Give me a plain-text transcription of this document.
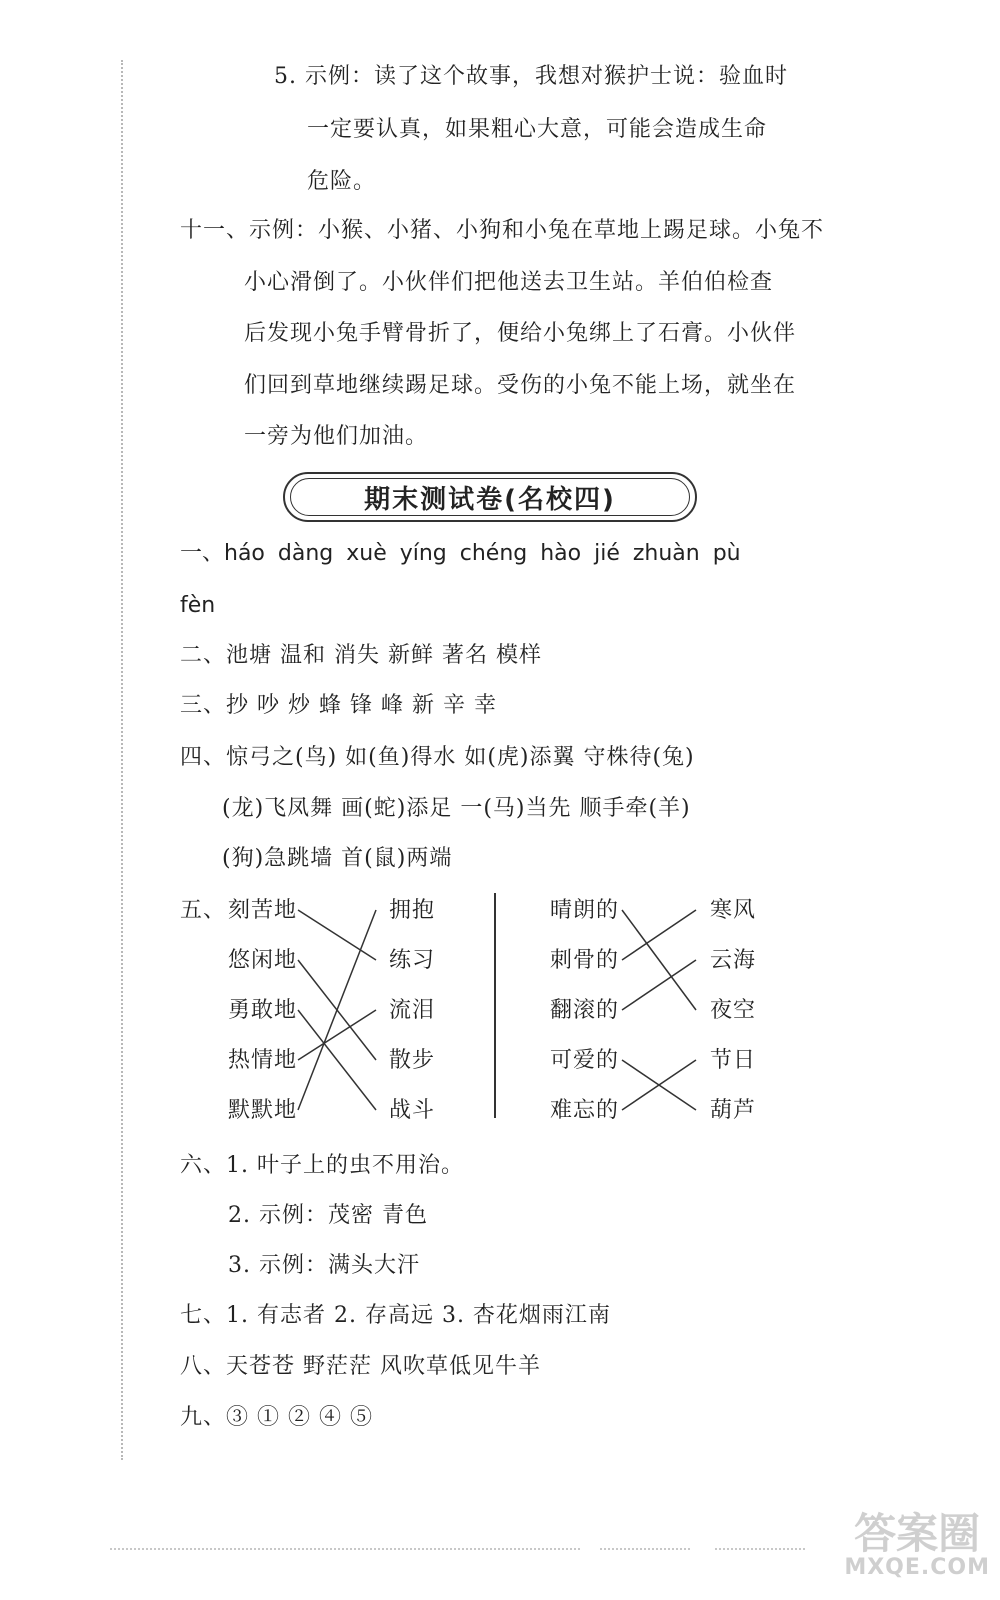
5. 示例：读了这个故事，我想对猴护士说：验血时
一定要认真，如果粗心大意，可能会造成生命
危险。
十一、示例：小猴、小猪、小狗和小兔在草地上踢足球。小兔不
小心滑倒了。小伙伴们把他送去卫生站。羊伯伯检查
后发现小兔手臂骨折了，便给小兔绑上了石膏。小伙伴
们回到草地继续踢足球。受伤的小兔不能上场，就坐在
一旁为他们加油。
期末测试卷(名校四)
一、háo dàng xuè yíng chéng hào jié zhuàn pù
fèn
二、池塘 温和 消失 新鲜 著名 模样
三、抄 吵 炒 蜂 锋 峰 新 辛 幸
四、惊弓之(鸟) 如(鱼)得水 如(虎)添翼 守株待(兔)
(龙)飞凤舞 画(蛇)添足 一(马)当先 顺手牵(羊)
(狗)急跳墙 首(鼠)两端
五、 刻苦地
悠闲地
勇敢地
热情地
默默地
拥抱
练习
流泪
散步
战斗
晴朗的
刺骨的
翻滚的
可爱的
难忘的
寒风
云海
夜空
节日
葫芦
六、1. 叶子上的虫不用治。
2. 示例：茂密 青色
3. 示例：满头大汗
七、1. 有志者 2. 存高远 3. 杏花烟雨江南
八、天苍苍 野茫茫 风吹草低见牛羊
九、③ ① ② ④ ⑤
答案圈
MXQE.COM
